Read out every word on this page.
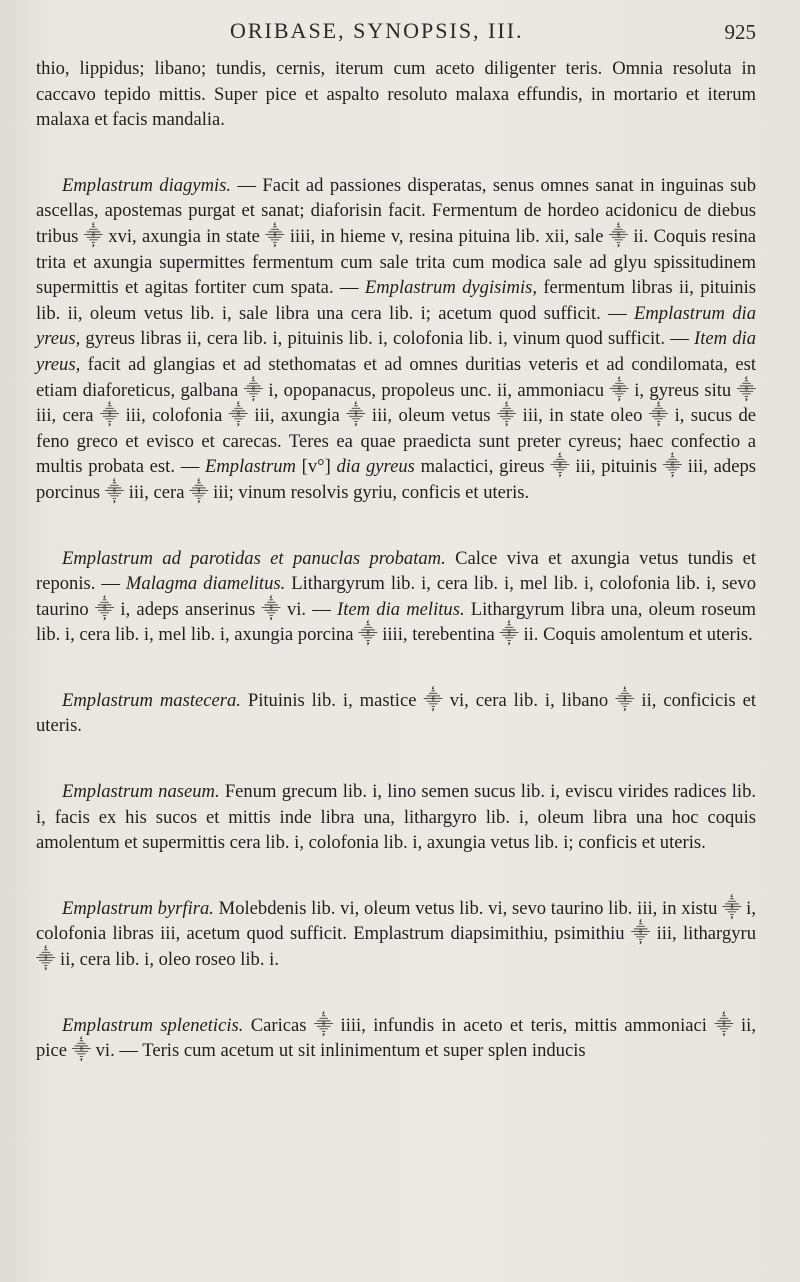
ORIBASE, SYNOPSIS, III.	925

thio, lippidus; libano; tundis, cernis, iterum cum aceto diligenter teris. Omnia resoluta in caccavo tepido mittis. Super pice et aspalto resoluto malaxa effundis, in mortario et iterum malaxa et facis mandalia.

Emplastrum diagymis. — Facit ad passiones disperatas, senus omnes sanat in inguinas sub ascellas, apostemas purgat et sanat; diaforisin facit. Fermentum de hordeo acidonicu de diebus tribus ⸎ xvi, axungia in state ⸎ iiii, in hieme v, resina pituina lib. xii, sale ⸎ ii. Coquis resina trita et axungia supermittes fermentum cum sale trita cum modica sale ad glyu spissitudinem supermittis et agitas fortiter cum spata. — Emplastrum dygisimis, fermentum libras ii, pituinis lib. ii, oleum vetus lib. i, sale libra una cera lib. i; acetum quod sufficit. — Emplastrum dia yreus, gyreus libras ii, cera lib. i, pituinis lib. i, colofonia lib. i, vinum quod sufficit. — Item dia yreus, facit ad glangias et ad stethomatas et ad omnes duritias veteris et ad condilomata, est etiam diaforeticus, galbana ⸎ i, opopanacus, propoleus unc. ii, ammoniacu ⸎ i, gyreus situ ⸎ iii, cera ⸎ iii, colofonia ⸎ iii, axungia ⸎ iii, oleum vetus ⸎ iii, in state oleo ⸎ i, sucus de feno greco et evisco et carecas. Teres ea quae praedicta sunt preter cyreus; haec confectio a multis probata est. — Emplastrum [v°] dia gyreus malactici, gireus ⸎ iii, pituinis ⸎ iii, adeps porcinus ⸎ iii, cera ⸎ iii; vinum resolvis gyriu, conficis et uteris.

Emplastrum ad parotidas et panuclas probatam. Calce viva et axungia vetus tundis et reponis. — Malagma diamelitus. Lithargyrum lib. i, cera lib. i, mel lib. i, colofonia lib. i, sevo taurino ⸎ i, adeps anserinus ⸎ vi. — Item dia melitus. Lithargyrum libra una, oleum roseum lib. i, cera lib. i, mel lib. i, axungia porcina ⸎ iiii, terebentina ⸎ ii. Coquis amolentum et uteris.

Emplastrum mastecera. Pituinis lib. i, mastice ⸎ vi, cera lib. i, libano ⸎ ii, conficicis et uteris.

Emplastrum naseum. Fenum grecum lib. i, lino semen sucus lib. i, eviscu virides radices lib. i, facis ex his sucos et mittis inde libra una, lithargyro lib. i, oleum libra una hoc coquis amolentum et supermittis cera lib. i, colofonia lib. i, axungia vetus lib. i; conficis et uteris.

Emplastrum byrfira. Molebdenis lib. vi, oleum vetus lib. vi, sevo taurino lib. iii, in xistu ⸎ i, colofonia libras iii, acetum quod sufficit. Emplastrum diapsimithiu, psimithiu ⸎ iii, lithargyru ⸎ ii, cera lib. i, oleo roseo lib. i.

Emplastrum spleneticis. Caricas ⸎ iiii, infundis in aceto et teris, mittis ammoniaci ⸎ ii, pice ⸎ vi. — Teris cum acetum ut sit inlinimentum et super splen inducis
